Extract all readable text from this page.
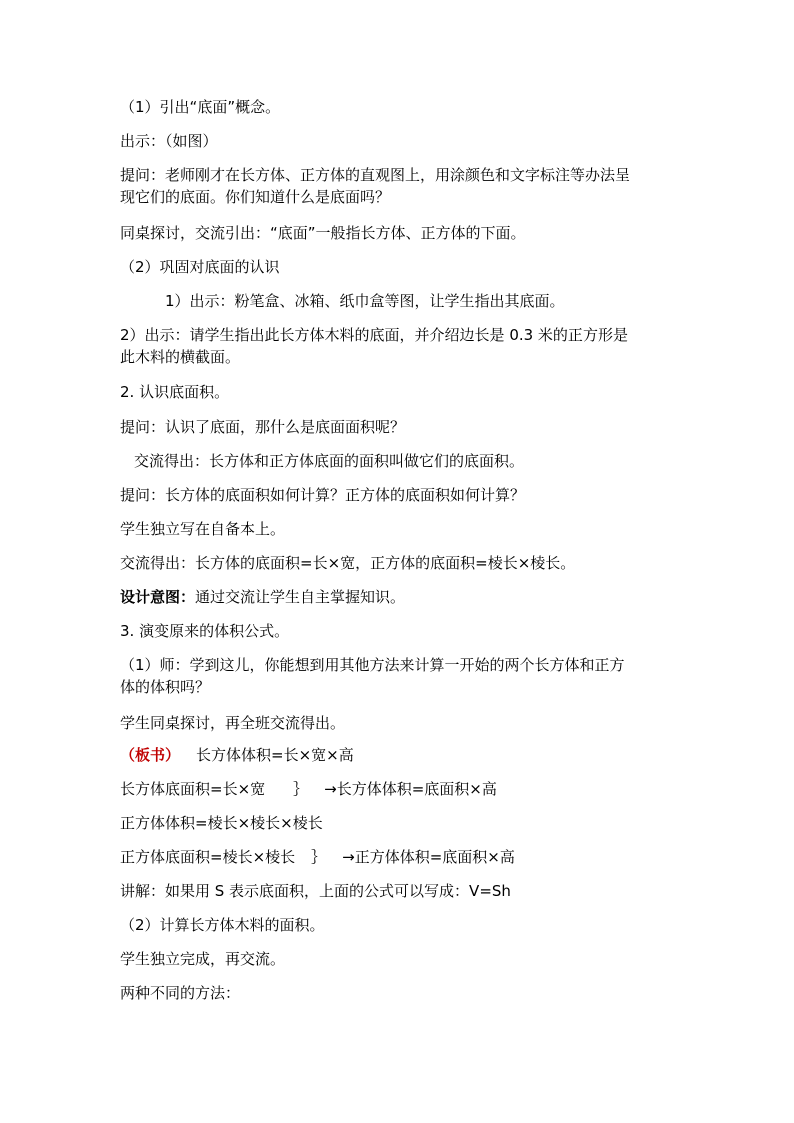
（1）引出“底面”概念。
出示：（如图）
提问：老师刚才在长方体、正方体的直观图上，用涂颜色和文字标注等办法呈
现它们的底面。你们知道什么是底面吗？
同桌探讨，交流引出：“底面”一般指长方体、正方体的下面。
（2）巩固对底面的认识
1）出示：粉笔盒、冰箱、纸巾盒等图，让学生指出其底面。
2）出示：请学生指出此长方体木料的底面，并介绍边长是 0.3 米的正方形是
此木料的横截面。
2. 认识底面积。
提问：认识了底面，那什么是底面面积呢？
交流得出：长方体和正方体底面的面积叫做它们的底面积。
提问：长方体的底面积如何计算？正方体的底面积如何计算？
学生独立写在自备本上。
交流得出：长方体的底面积=长×宽，正方体的底面积=棱长×棱长。
设计意图：通过交流让学生自主掌握知识。
3. 演变原来的体积公式。
（1）师：学到这儿，你能想到用其他方法来计算一开始的两个长方体和正方
体的体积吗？
学生同桌探讨，再全班交流得出。
（板书） 长方体体积=长×宽×高
长方体底面积=长×宽 ｝ →长方体体积=底面积×高
正方体体积=棱长×棱长×棱长
正方体底面积=棱长×棱长 ｝ →正方体体积=底面积×高
讲解：如果用 S 表示底面积，上面的公式可以写成：V=Sh
（2）计算长方体木料的面积。
学生独立完成，再交流。
两种不同的方法：
